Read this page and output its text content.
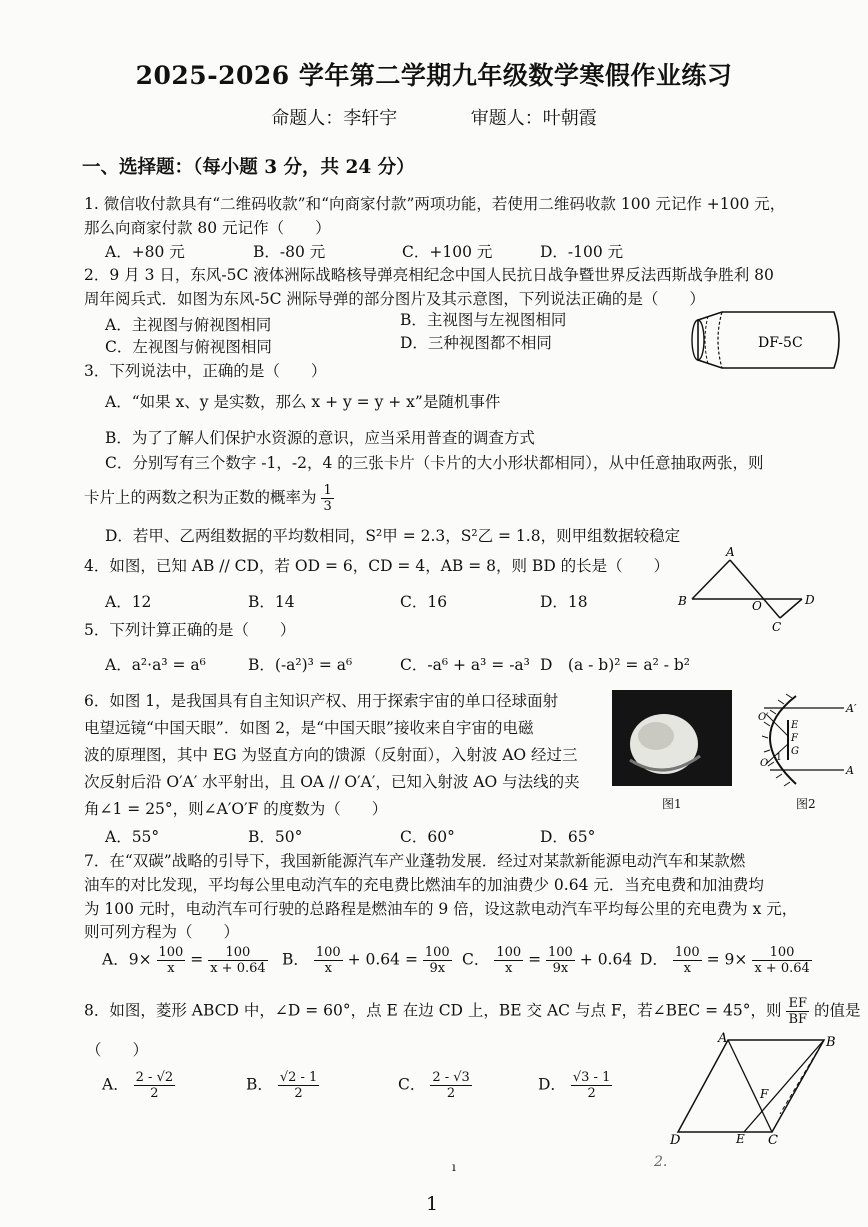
2025-2026 学年第二学期九年级数学寒假作业练习
命题人：李轩宇	审题人：叶朝霞
一、选择题：（每小题 3 分，共 24 分）
1. 微信收付款具有“二维码收款”和“向商家付款”两项功能，若使用二维码收款 100 元记作 +100 元，
那么向商家付款 80 元记作（　　）
A．+80 元	B．-80 元	C．+100 元	D．-100 元
2．9 月 3 日，东风-5C 液体洲际战略核导弹亮相纪念中国人民抗日战争暨世界反法西斯战争胜利 80
周年阅兵式．如图为东风-5C 洲际导弹的部分图片及其示意图，下列说法正确的是（　　）
A．主视图与俯视图相同	B．主视图与左视图相同
C．左视图与俯视图相同	D．三种视图都不相同	DF-5C
3．下列说法中，正确的是（　　）
A．“如果 x、y 是实数，那么 x + y = y + x”是随机事件
B．为了了解人们保护水资源的意识，应当采用普查的调查方式
C．分别写有三个数字 -1，-2，4 的三张卡片（卡片的大小形状都相同），从中任意抽取两张，则
卡片上的两数之积为正数的概率为 $\frac{1}{3}$
D．若甲、乙两组数据的平均数相同，S²甲 = 2.3，S²乙 = 1.8，则甲组数据较稳定
4．如图，已知 AB // CD，若 OD = 6，CD = 4，AB = 8，则 BD 的长是（　　）
A．12	B．14	C．16	D．18
A
B	O	D
C
5．下列计算正确的是（　　）
A．a²·a³ = a⁶	B．(-a²)³ = a⁶	C．-a⁶ + a³ = -a³ D　(a - b)² = a² - b²
6．如图 1，是我国具有自主知识产权、用于探索宇宙的单口径球面射
电望远镜“中国天眼”．如图 2，是“中国天眼”接收来自宇宙的电磁
波的原理图，其中 EG 为竖直方向的馈源（反射面），入射波 AO 经过三
次反射后沿 O′A′ 水平射出，且 OA // O′A′，已知入射波 AO 与法线的夹
角∠1 = 25°，则∠A′O′F 的度数为（　　）	图1
A′
A
O′
O
E
F
G
1
图2
A．55°	B．50°	C．60°	D．65°
7．在“双碳”战略的引导下，我国新能源汽车产业蓬勃发展．经过对某款新能源电动汽车和某款燃
油车的对比发现，平均每公里电动汽车的充电费比燃油车的加油费少 0.64 元．当充电费和加油费均
为 100 元时，电动汽车可行驶的总路程是燃油车的 9 倍，设这款电动汽车平均每公里的充电费为 x 元，
则可列方程为（　　）
A．$9\times \frac{100}{x} = \frac{100}{x + 0.64}$ B． $\frac{100}{x} + 0.64 = \frac{100}{9x}$ C． $\frac{100}{x} = \frac{100}{9x} + 0.64$ D． $\frac{100}{x} = 9\times \frac{100}{x + 0.64}$
8．如图，菱形 ABCD 中，∠D = 60°，点 E 在边 CD 上，BE 交 AC 与点 F，若∠BEC = 45°，则 $\frac{EF}{BF}$ 的值是
（　　）
A． $\frac{2 - √2}{2}$	B． $\frac{√2 - 1}{2}$	C． $\frac{2 - √3}{2}$	D． $\frac{√3 - 1}{2}$
A	B
D	E C
F
2.
ı
1
